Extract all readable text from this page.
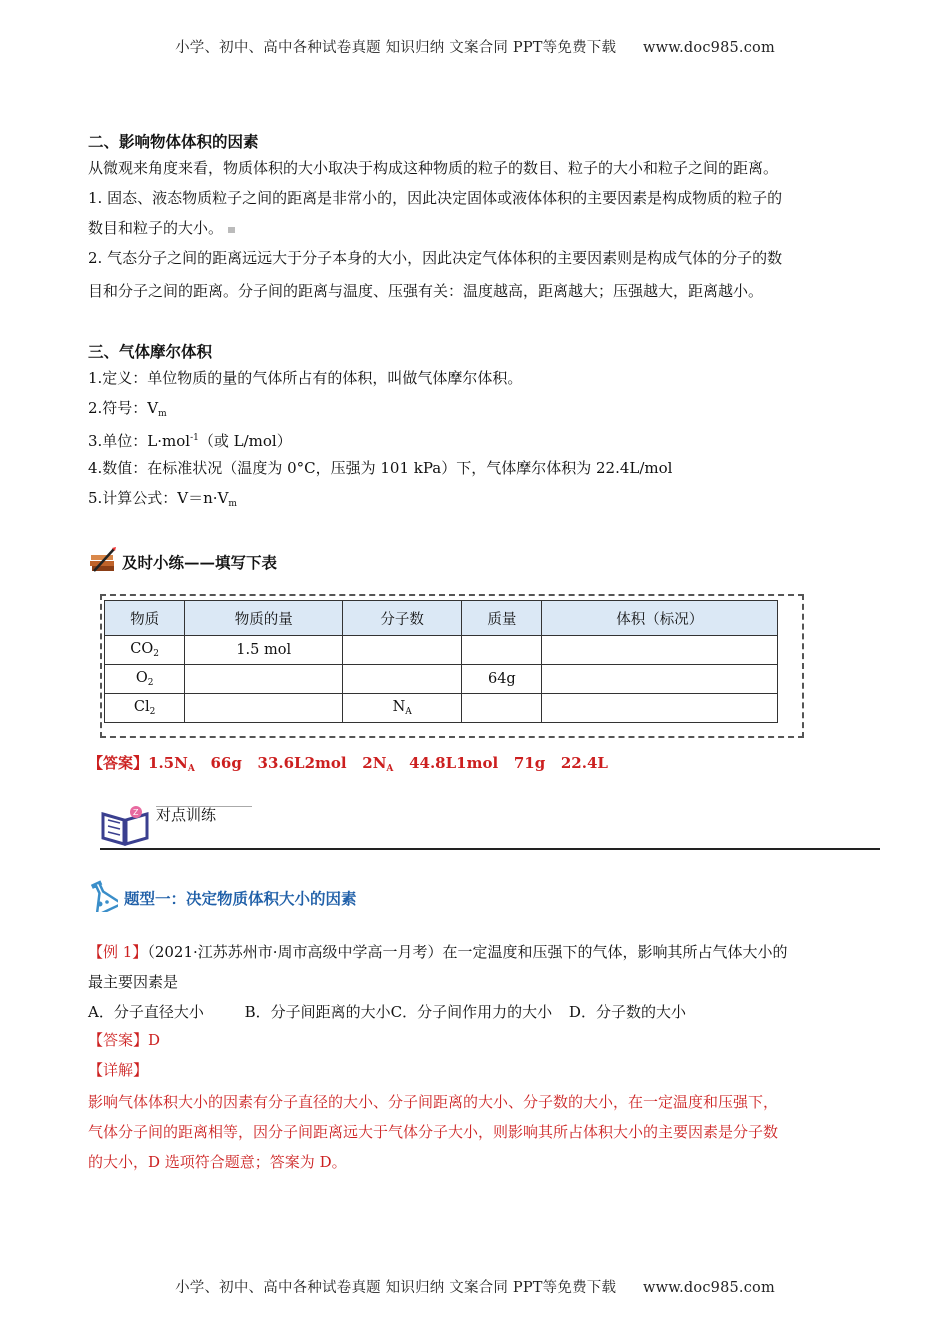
小学、初中、高中各种试卷真题 知识归纳 文案合同 PPT等免费下载 www.doc985.com
二、影响物体体积的因素
从微观来角度来看，物质体积的大小取决于构成这种物质的粒子的数目、粒子的大小和粒子之间的距离。
1. 固态、液态物质粒子之间的距离是非常小的，因此决定固体或液体体积的主要因素是构成物质的粒子的
数目和粒子的大小。
2. 气态分子之间的距离远远大于分子本身的大小，因此决定气体体积的主要因素则是构成气体的分子的数
目和分子之间的距离。分子间的距离与温度、压强有关：温度越高，距离越大；压强越大，距离越小。
三、气体摩尔体积
1.定义：单位物质的量的气体所占有的体积，叫做气体摩尔体积。
2.符号：$V_m$
3.单位：L·mol$^{-1}$（或 L/mol）
4.数值：在标准状况（温度为 0°C，压强为 101 kPa）下，气体摩尔体积为 22.4L/mol
5.计算公式：$V=n\cdot V_m$
及时小练——填写下表
物质	物质的量	分子数	质量	体积（标况）
$CO_2$	1.5 mol			
$O_2$			64g	
$Cl_2$		$N_A$		
【答案】$1.5N_A$   66g   33.6L2mol   $2N_A$   44.8L1mol   71g   22.4L
Z 对点训练
题型一：决定物质体积大小的因素
【例 1】（2021·江苏苏州市·周市高级中学高一月考）在一定温度和压强下的气体，影响其所占气体大小的
最主要因素是
A．分子直径大小	B．分子间距离的大小C．分子间作用力的大小 D．分子数的大小
【答案】D
【详解】
影响气体体积大小的因素有分子直径的大小、分子间距离的大小、分子数的大小，在一定温度和压强下，
气体分子间的距离相等，因分子间距离远大于气体分子大小，则影响其所占体积大小的主要因素是分子数
的大小，D 选项符合题意；答案为 D。
小学、初中、高中各种试卷真题 知识归纳 文案合同 PPT等免费下载 www.doc985.com
